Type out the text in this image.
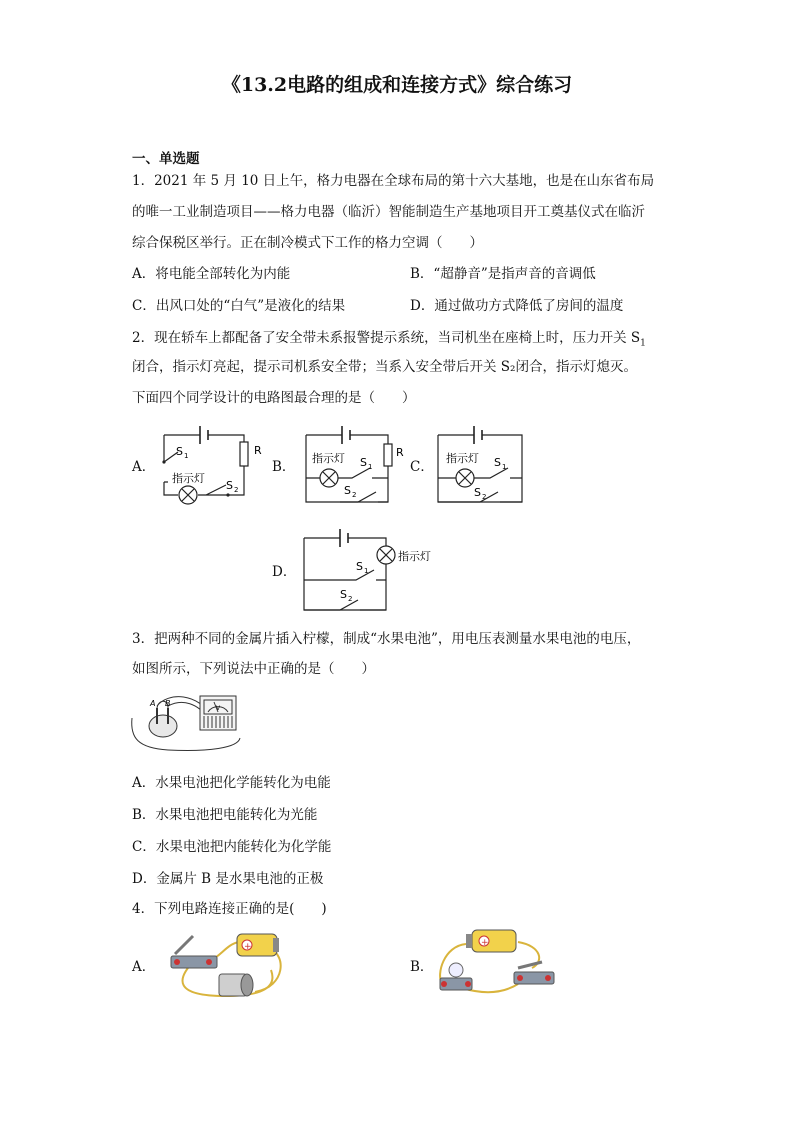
《13.2电路的组成和连接方式》综合练习
一、单选题
1．2021 年 5 月 10 日上午，格力电器在全球布局的第十六大基地，也是在山东省布局
的唯一工业制造项目——格力电器（临沂）智能制造生产基地项目开工奠基仪式在临沂
综合保税区举行。正在制冷模式下工作的格力空调（　　）
A．将电能全部转化为内能	B．“超静音”是指声音的音调低
C．出风口处的“白气”是液化的结果	D．通过做功方式降低了房间的温度
2．现在轿车上都配备了安全带未系报警提示系统，当司机坐在座椅上时，压力开关 $S_1$
闭合，指示灯亮起，提示司机系安全带；当系入安全带后开关 S₂闭合，指示灯熄灭。
下面四个同学设计的电路图最合理的是（　　）
A．	B．	C．
D．
S 1
指示灯
S 2
R
指示灯 S 1
S 2
R	指示灯 S 1
S 2
指示灯
S 1
S 2
3．把两种不同的金属片插入柠檬，制成“水果电池”，用电压表测量水果电池的电压，
如图所示，下列说法中正确的是（　　）
A B
V
A．水果电池把化学能转化为电能
B．水果电池把电能转化为光能
C．水果电池把内能转化为化学能
D．金属片 B 是水果电池的正极
4．下列电路连接正确的是(　　)
A．	B．
+	+
